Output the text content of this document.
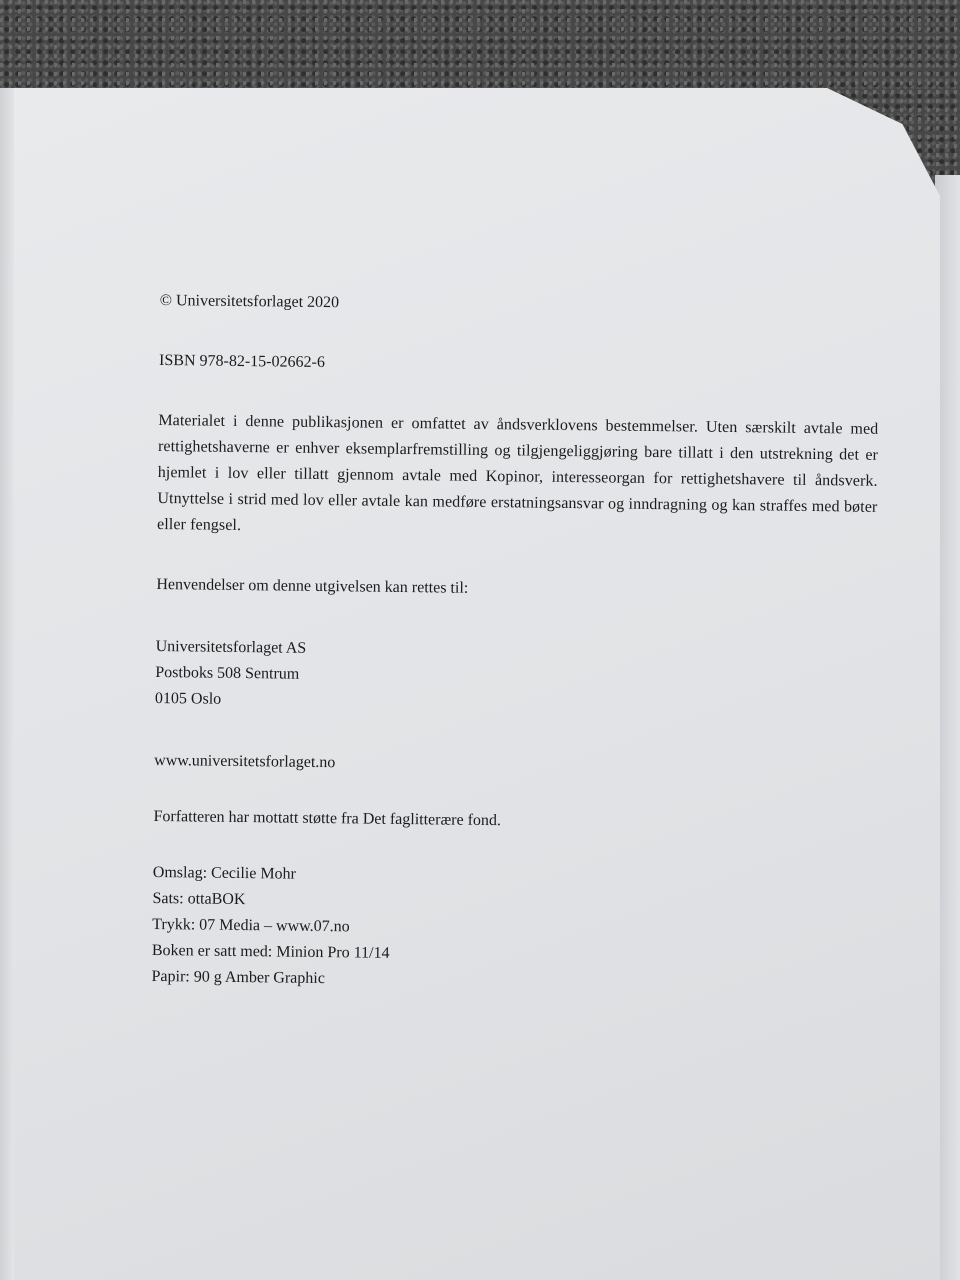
© Universitetsforlaget 2020

ISBN 978-82-15-02662-6

Materialet i denne publikasjonen er omfattet av åndsverklovens bestemmelser. Uten særskilt avtale med rettighetshaverne er enhver eksemplarfremstilling og tilgjengeliggjøring bare tillatt i den utstrekning det er hjemlet i lov eller tillatt gjennom avtale med Kopinor, interesseorgan for rettighetshavere til åndsverk. Utnyttelse i strid med lov eller avtale kan medføre erstatningsansvar og inndragning og kan straffes med bøter eller fengsel.

Henvendelser om denne utgivelsen kan rettes til:

Universitetsforlaget AS
Postboks 508 Sentrum
0105 Oslo

www.universitetsforlaget.no

Forfatteren har mottatt støtte fra Det faglitterære fond.

Omslag: Cecilie Mohr
Sats: ottaBOK
Trykk: 07 Media – www.07.no
Boken er satt med: Minion Pro 11/14
Papir: 90 g Amber Graphic
